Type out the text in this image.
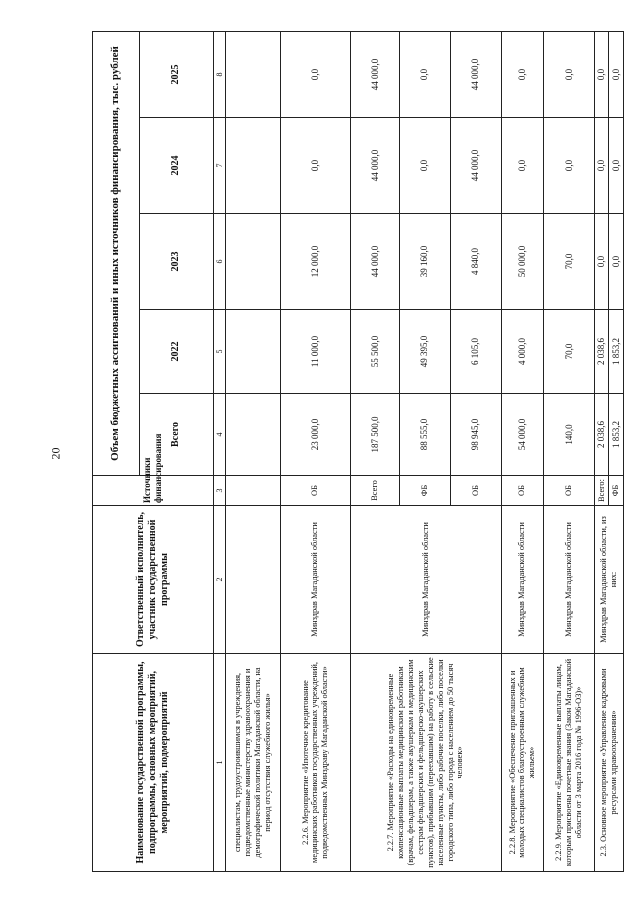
20
Наименование государственной программы, подпрограммы, основных мероприятий, мероприятий, подмероприятий	Ответственный исполнитель, участник государственной программы	Источники финансирования	Объем бюджетных ассигнований и иных источников финансирования, тыс. рублей				
			Всего	2022	2023	2024	2025
1	2	3	4	5	6	7	8
специалистам, трудоустроившимся в учреждения, подведомственные министерству здравоохранения и демографической политики Магаданской области, на период отсутствия служебного жилья»							
2.2.6. Мероприятие «Ипотечное кредитование медицинских работников государственных учреждений, подведомственных Минздраву Магаданской области»	Минздрав Магаданской области	ОБ	23 000,0	11 000,0	12 000,0	0,0	0,0
2.2.7. Мероприятие «Расходы на единовременные компенсационные выплаты медицинским работникам (врачам, фельдшерам, а также акушеркам и медицинским сестрам фельдшерских и фельдшерско-акушерских пунктов), прибывшим (переехавшим) на работу в сельские населенные пункты, либо рабочие поселки, либо поселки городского типа, либо города с населением до 50 тысяч человек»	Минздрав Магаданской области	Всего	187 500,0	55 500,0	44 000,0	44 000,0	44 000,0
		ФБ	88 555,0	49 395,0	39 160,0	0,0	0,0
		ОБ	98 945,0	6 105,0	4 840,0	44 000,0	44 000,0
2.2.8. Мероприятие «Обеспечение приглашенных и молодых специалистов благоустроенным служебным жильем»	Минздрав Магаданской области	ОБ	54 000,0	4 000,0	50 000,0	0,0	0,0
2.2.9. Мероприятие «Единовременные выплаты лицам, которым присвоены почетные звания (Закон Магаданской области от 3 марта 2016 года № 1996-ОЗ)»	Минздрав Магаданской области	ОБ	140,0	70,0	70,0	0,0	0,0
2.3. Основное мероприятие «Управление кадровыми ресурсами здравоохранения»	Минздрав Магаданской области, из них:	Всего:	2 038,6	2 038,6	0,0	0,0	0,0
		ФБ	1 853,2	1 853,2	0,0	0,0	0,0
